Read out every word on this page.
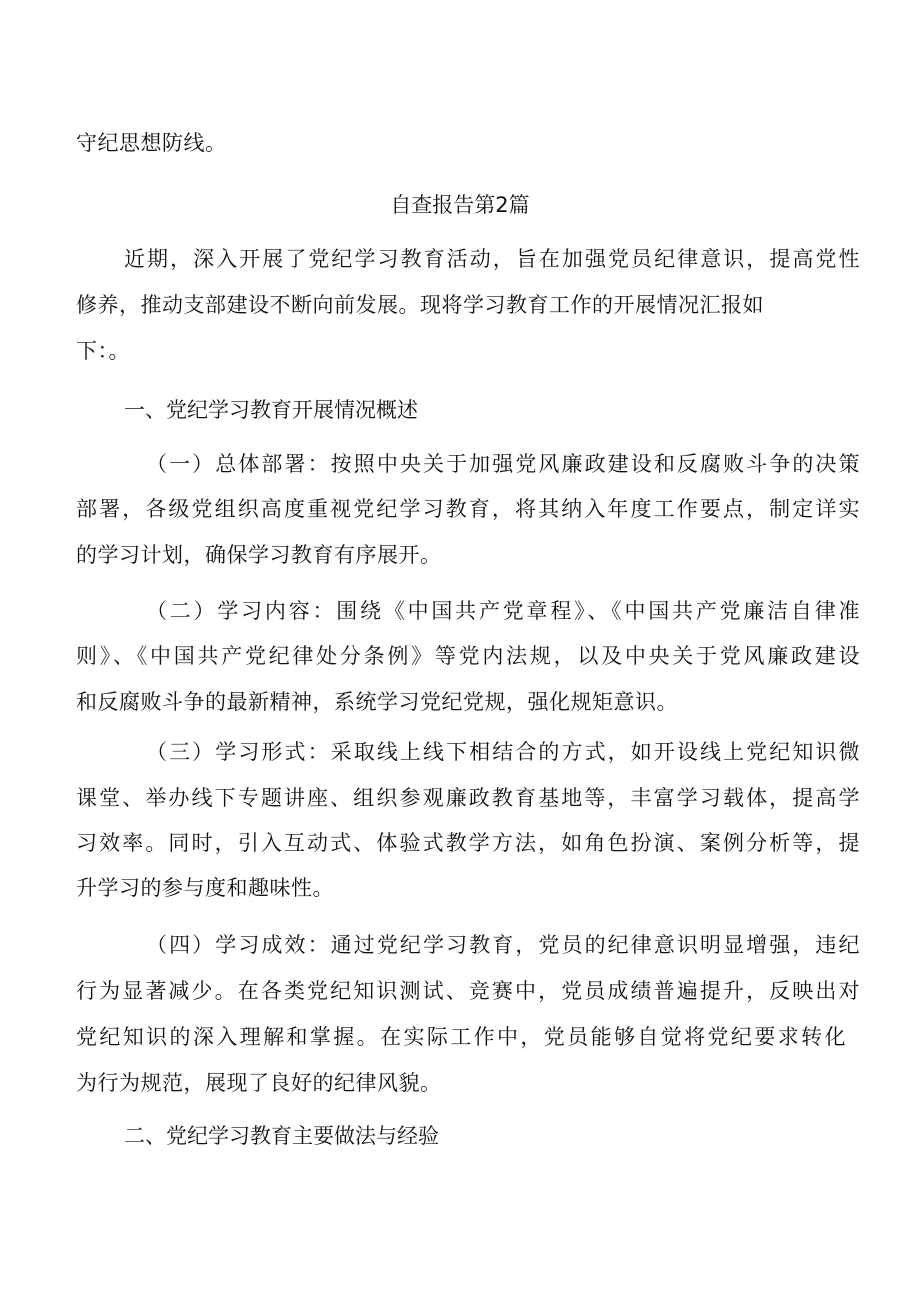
守纪思想防线。
自查报告第2篇
近期，深入开展了党纪学习教育活动，旨在加强党员纪律意识，提高党性
修养，推动支部建设不断向前发展。现将学习教育工作的开展情况汇报如
下：。
一、党纪学习教育开展情况概述
（一）总体部署：按照中央关于加强党风廉政建设和反腐败斗争的决策
部署，各级党组织高度重视党纪学习教育，将其纳入年度工作要点，制定详实
的学习计划，确保学习教育有序展开。
（二）学习内容：围绕《中国共产党章程》、《中国共产党廉洁自律准
则》、《中国共产党纪律处分条例》等党内法规，以及中央关于党风廉政建设
和反腐败斗争的最新精神，系统学习党纪党规，强化规矩意识。
（三）学习形式：采取线上线下相结合的方式，如开设线上党纪知识微
课堂、举办线下专题讲座、组织参观廉政教育基地等，丰富学习载体，提高学
习效率。同时，引入互动式、体验式教学方法，如角色扮演、案例分析等，提
升学习的参与度和趣味性。
（四）学习成效：通过党纪学习教育，党员的纪律意识明显增强，违纪
行为显著减少。在各类党纪知识测试、竞赛中，党员成绩普遍提升，反映出对
党纪知识的深入理解和掌握。在实际工作中，党员能够自觉将党纪要求转化
为行为规范，展现了良好的纪律风貌。
二、党纪学习教育主要做法与经验
